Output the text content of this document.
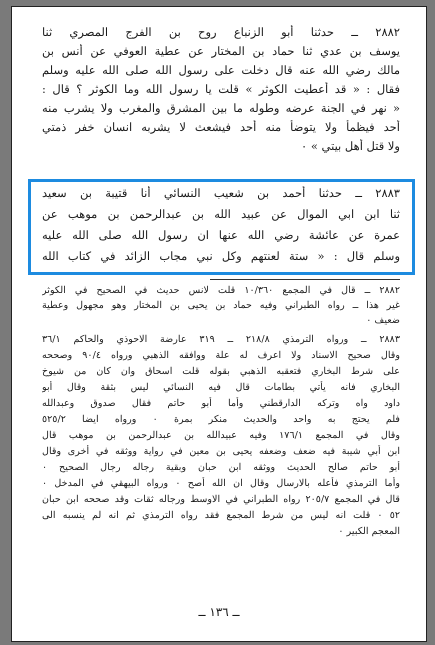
٢٨٨٢ ــ حدثنا أبو الزنباع روح بن الفرج المصري ثنا
يوسف بن عدي ثنا حماد بن المختار عن عطية العوفي عن أنس بن
مالك رضي الله عنه قال دخلت على رسول الله صلى الله عليه وسلم
فقال : « قد أعطيت الكوثر » قلت يا رسول الله وما الكوثر ؟ قال :
« نهر في الجنة عرضه وطوله ما بين المشرق والمغرب ولا يشرب منه
أحد فيظمأ ولا يتوضأ منه أحد فيشعث لا يشربه انسان خفر ذمتي
ولا قتل أهل بيتي » ٠
٢٨٨٣ ــ حدثنا أحمد بن شعيب النسائي أنا قتيبة بن سعيد
ثنا ابن ابي الموال عن عبيد الله بن عبدالرحمن بن موهب عن
عمرة عن عائشة رضي الله عنها ان رسول الله صلى الله عليه
وسلم قال : « ستة لعنتهم وكل نبي مجاب الزائد في كتاب الله
٢٨٨٢ ــ قال في المجمع ١٠/٣٦٠ قلت لانس حديث في الصحيح في الكوثر
غير هذا ــ رواه الطبراني وفيه حماد بن يحيى بن المختار وهو مجهول وعطية
ضعيف ٠
٢٨٨٣ ــ ورواه الترمذي ٢١٨/٨ ــ ٣١٩ عارضة الاحوذي والحاكم ٣٦/١
وقال صحيح الاسناد ولا اعرف له علة ووافقه الذهبي ورواه ٩٠/٤ وصححه
على شرط البخاري فتعقبه الذهبي بقوله قلت اسحاق وان كان من شيوخ
البخاري فانه يأتي بطامات قال فيه النسائي ليس بثقة وقال أبو
داود واه وتركه الدارقطني وأما أبو حاتم فقال صدوق وعبدالله
فلم يحتج به واحد والحديث منكر بمرة ٠ ورواه ايضا ٥٢٥/٢
وقال في المجمع ١٧٦/١ وفيه عبيدالله بن عبدالرحمن بن موهب قال
ابن أبي شيبة فيه ضعف وضعفه يحيى بن معين في رواية ووثقه في أخرى وقال
أبو حاتم صالح الحديث ووثقه ابن حبان وبقية رجاله رجال الصحيح ٠
وأما الترمذي فأعله بالارسال وقال ان الله أصح ٠ ورواه البيهقي في المدخل ٠
قال في المجمع ٢٠٥/٧ رواه الطبراني في الاوسط ورجاله ثقات وقد صححه ابن حبان
٥٢ ٠ قلت انه ليس من شرط المجمع فقد رواه الترمذي ثم انه لم ينسبه الى
المعجم الكبير ٠
ــ ١٣٦ ــ
